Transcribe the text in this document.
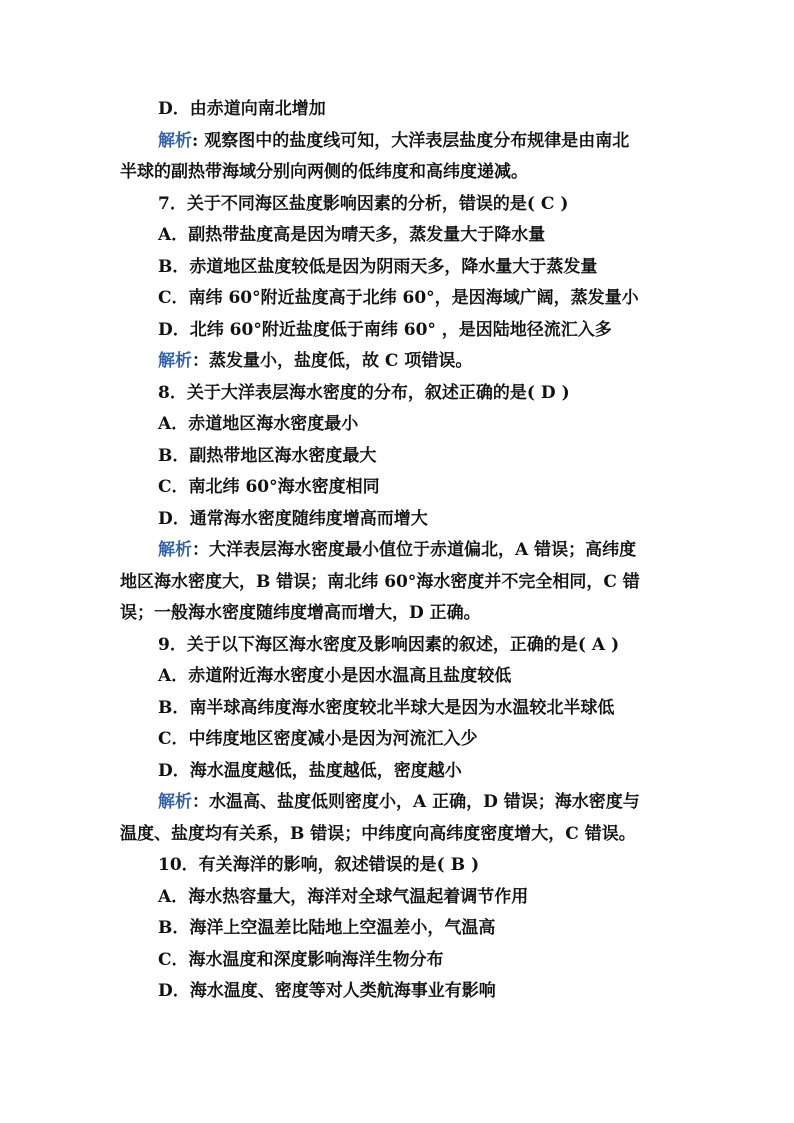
D．由赤道向南北增加
解析: 观察图中的盐度线可知，大洋表层盐度分布规律是由南北
半球的副热带海域分别向两侧的低纬度和高纬度递减。
7．关于不同海区盐度影响因素的分析，错误的是( C )
A．副热带盐度高是因为晴天多，蒸发量大于降水量
B．赤道地区盐度较低是因为阴雨天多，降水量大于蒸发量
C．南纬 60°附近盐度高于北纬 60°，是因海域广阔，蒸发量小
D．北纬 60°附近盐度低于南纬 60° ，是因陆地径流汇入多
解析：蒸发量小，盐度低，故 C 项错误。
8．关于大洋表层海水密度的分布，叙述正确的是( D )
A．赤道地区海水密度最小
B．副热带地区海水密度最大
C．南北纬 60°海水密度相同
D．通常海水密度随纬度增高而增大
解析：大洋表层海水密度最小值位于赤道偏北，A 错误；高纬度
地区海水密度大，B 错误；南北纬 60°海水密度并不完全相同，C 错
误；一般海水密度随纬度增高而增大，D 正确。
9．关于以下海区海水密度及影响因素的叙述，正确的是( A )
A．赤道附近海水密度小是因水温高且盐度较低
B．南半球高纬度海水密度较北半球大是因为水温较北半球低
C．中纬度地区密度减小是因为河流汇入少
D．海水温度越低，盐度越低，密度越小
解析：水温高、盐度低则密度小，A 正确，D 错误；海水密度与
温度、盐度均有关系，B 错误；中纬度向高纬度密度增大，C 错误。
10．有关海洋的影响，叙述错误的是( B )
A．海水热容量大，海洋对全球气温起着调节作用
B．海洋上空温差比陆地上空温差小，气温高
C．海水温度和深度影响海洋生物分布
D．海水温度、密度等对人类航海事业有影响
